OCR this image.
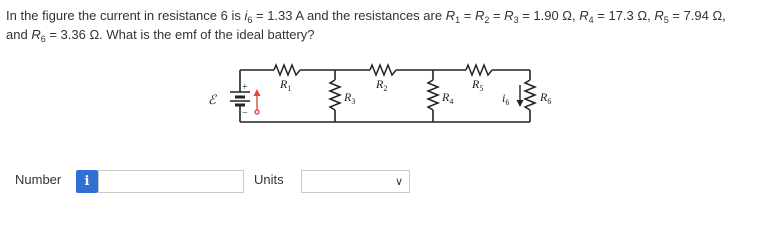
In the figure the current in resistance 6 is $i_6 = 1.33$ A and the resistances are $R_1 = R_2 = R_3 = 1.90$ Ω, $R_4 = 17.3$ Ω, $R_5 = 7.94$ Ω, and $R_6 = 3.36$ Ω. What is the emf of the ideal battery?
+
−
ℰ
$R_1$	$R_2$	$R_5$
$R_3$	$R_4$	$R_6$
$i_6$
Number	i	Units	∨
